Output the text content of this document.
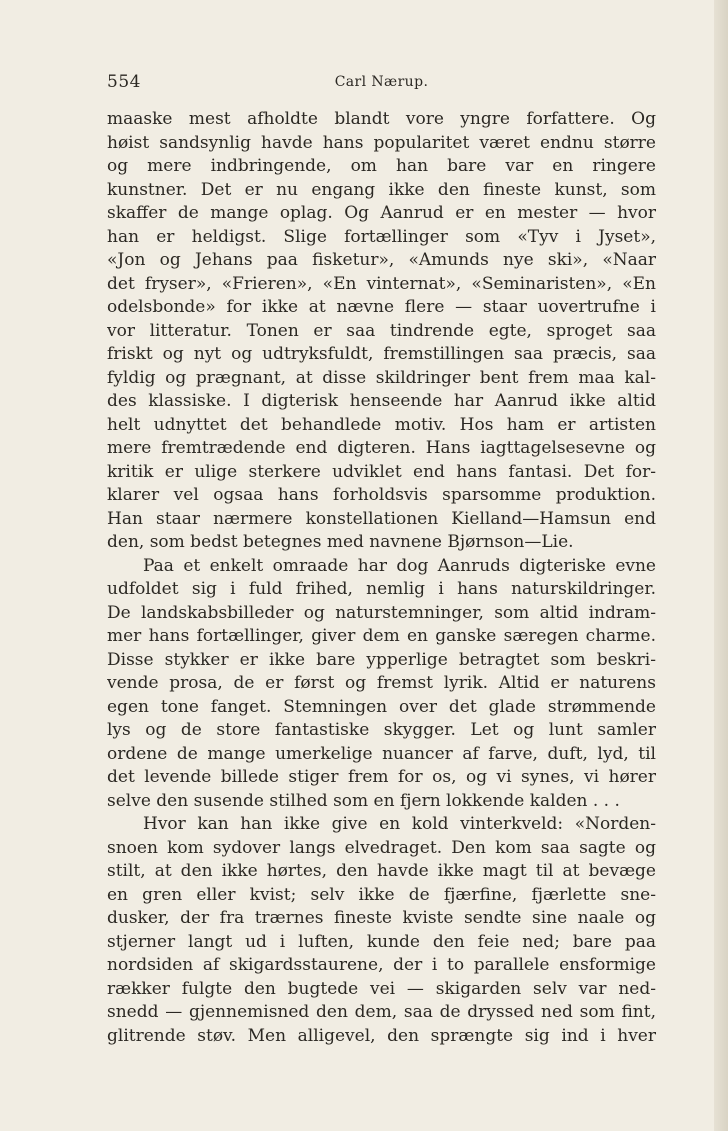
554	Carl Nærup.
maaske mest afholdte blandt vore yngre forfattere. Og
høist sandsynlig havde hans popularitet været endnu større
og mere indbringende, om han bare var en ringere
kunstner. Det er nu engang ikke den fineste kunst, som
skaffer de mange oplag. Og Aanrud er en mester — hvor
han er heldigst. Slige fortællinger som «Tyv i Jyset»,
«Jon og Jehans paa fisketur», «Amunds nye ski», «Naar
det fryser», «Frieren», «En vinternat», «Seminaristen», «En
odelsbonde» for ikke at nævne flere — staar uovertrufne i
vor litteratur. Tonen er saa tindrende egte, sproget saa
friskt og nyt og udtryksfuldt, fremstillingen saa præcis, saa
fyldig og prægnant, at disse skildringer bent frem maa kal-
des klassiske. I digterisk henseende har Aanrud ikke altid
helt udnyttet det behandlede motiv. Hos ham er artisten
mere fremtrædende end digteren. Hans iagttagelsesevne og
kritik er ulige sterkere udviklet end hans fantasi. Det for-
klarer vel ogsaa hans forholdsvis sparsomme produktion.
Han staar nærmere konstellationen Kielland—Hamsun end
den, som bedst betegnes med navnene Bjørnson—Lie.
Paa et enkelt omraade har dog Aanruds digteriske evne
udfoldet sig i fuld frihed, nemlig i hans naturskildringer.
De landskabsbilleder og naturstemninger, som altid indram-
mer hans fortællinger, giver dem en ganske særegen charme.
Disse stykker er ikke bare ypperlige betragtet som beskri-
vende prosa, de er først og fremst lyrik. Altid er naturens
egen tone fanget. Stemningen over det glade strømmende
lys og de store fantastiske skygger. Let og lunt samler
ordene de mange umerkelige nuancer af farve, duft, lyd, til
det levende billede stiger frem for os, og vi synes, vi hører
selve den susende stilhed som en fjern lokkende kalden . . .
Hvor kan han ikke give en kold vinterkveld: «Norden-
snoen kom sydover langs elvedraget. Den kom saa sagte og
stilt, at den ikke hørtes, den havde ikke magt til at bevæge
en gren eller kvist; selv ikke de fjærfine, fjærlette sne-
dusker, der fra trærnes fineste kviste sendte sine naale og
stjerner langt ud i luften, kunde den feie ned; bare paa
nordsiden af skigardsstaurene, der i to parallele ensformige
rækker fulgte den bugtede vei — skigarden selv var ned-
snedd — gjennemisned den dem, saa de dryssed ned som fint,
glitrende støv. Men alligevel, den sprængte sig ind i hver
